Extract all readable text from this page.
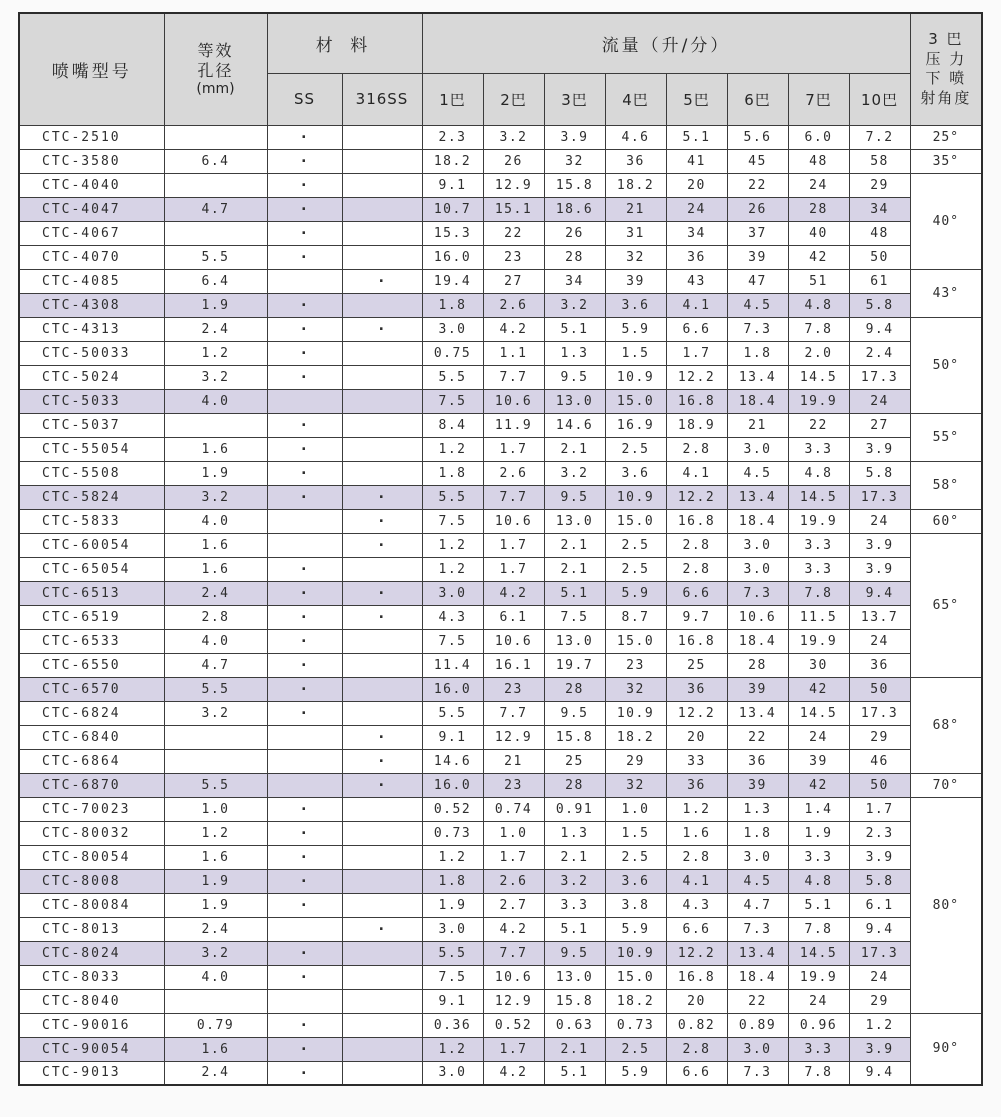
喷嘴型号	
等效
孔径
(mm)
	材 料	流量（升/分）	3 巴
压 力
下 喷
射角度

		SS	316SS	1巴	2巴	3巴	4巴	5巴	6巴	7巴	10巴	
CTC-2510		·		2.3	3.2	3.9	4.6	5.1	5.6	6.0	7.2	25°
CTC-3580	6.4	·		18.2	26	32	36	41	45	48	58	35°
CTC-4040		·		9.1	12.9	15.8	18.2	20	22	24	29	40°
CTC-4047	4.7	·		10.7	15.1	18.6	21	24	26	28	34	
CTC-4067		·		15.3	22	26	31	34	37	40	48	
CTC-4070	5.5	·		16.0	23	28	32	36	39	42	50	
CTC-4085	6.4		·	19.4	27	34	39	43	47	51	61	43°
CTC-4308	1.9	·		1.8	2.6	3.2	3.6	4.1	4.5	4.8	5.8	
CTC-4313	2.4	·	·	3.0	4.2	5.1	5.9	6.6	7.3	7.8	9.4	50°
CTC-50033	1.2	·		0.75	1.1	1.3	1.5	1.7	1.8	2.0	2.4	
CTC-5024	3.2	·		5.5	7.7	9.5	10.9	12.2	13.4	14.5	17.3	
CTC-5033	4.0			7.5	10.6	13.0	15.0	16.8	18.4	19.9	24	
CTC-5037		·		8.4	11.9	14.6	16.9	18.9	21	22	27	55°
CTC-55054	1.6	·		1.2	1.7	2.1	2.5	2.8	3.0	3.3	3.9	
CTC-5508	1.9	·		1.8	2.6	3.2	3.6	4.1	4.5	4.8	5.8	58°
CTC-5824	3.2	·	·	5.5	7.7	9.5	10.9	12.2	13.4	14.5	17.3	
CTC-5833	4.0		·	7.5	10.6	13.0	15.0	16.8	18.4	19.9	24	60°
CTC-60054	1.6		·	1.2	1.7	2.1	2.5	2.8	3.0	3.3	3.9	65°
CTC-65054	1.6	·		1.2	1.7	2.1	2.5	2.8	3.0	3.3	3.9	
CTC-6513	2.4	·	·	3.0	4.2	5.1	5.9	6.6	7.3	7.8	9.4	
CTC-6519	2.8	·	·	4.3	6.1	7.5	8.7	9.7	10.6	11.5	13.7	
CTC-6533	4.0	·		7.5	10.6	13.0	15.0	16.8	18.4	19.9	24	
CTC-6550	4.7	·		11.4	16.1	19.7	23	25	28	30	36	
CTC-6570	5.5	·		16.0	23	28	32	36	39	42	50	68°
CTC-6824	3.2	·		5.5	7.7	9.5	10.9	12.2	13.4	14.5	17.3	
CTC-6840			·	9.1	12.9	15.8	18.2	20	22	24	29	
CTC-6864			·	14.6	21	25	29	33	36	39	46	
CTC-6870	5.5		·	16.0	23	28	32	36	39	42	50	70°
CTC-70023	1.0	·		0.52	0.74	0.91	1.0	1.2	1.3	1.4	1.7	80°
CTC-80032	1.2	·		0.73	1.0	1.3	1.5	1.6	1.8	1.9	2.3	
CTC-80054	1.6	·		1.2	1.7	2.1	2.5	2.8	3.0	3.3	3.9	
CTC-8008	1.9	·		1.8	2.6	3.2	3.6	4.1	4.5	4.8	5.8	
CTC-80084	1.9	·		1.9	2.7	3.3	3.8	4.3	4.7	5.1	6.1	
CTC-8013	2.4		·	3.0	4.2	5.1	5.9	6.6	7.3	7.8	9.4	
CTC-8024	3.2	·		5.5	7.7	9.5	10.9	12.2	13.4	14.5	17.3	
CTC-8033	4.0	·		7.5	10.6	13.0	15.0	16.8	18.4	19.9	24	
CTC-8040				9.1	12.9	15.8	18.2	20	22	24	29	
CTC-90016	0.79	·		0.36	0.52	0.63	0.73	0.82	0.89	0.96	1.2	90°
CTC-90054	1.6	·		1.2	1.7	2.1	2.5	2.8	3.0	3.3	3.9	
CTC-9013	2.4	·		3.0	4.2	5.1	5.9	6.6	7.3	7.8	9.4	
